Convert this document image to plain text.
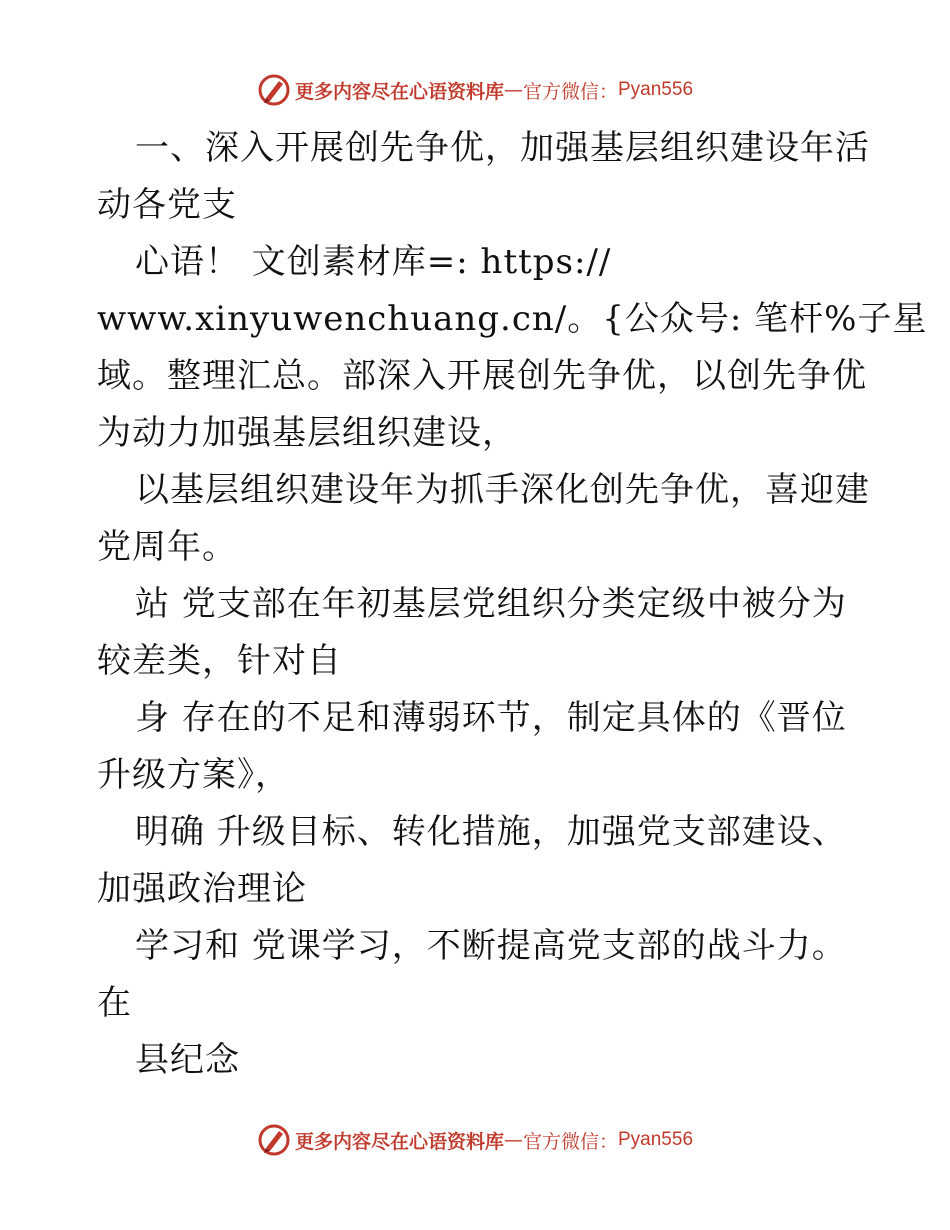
更多内容尽在心语资料库 — 官方微信： Pyan556
一、深入开展创先争优，加强基层组织建设年活
动各党支
心语！ 文创素材库=: https://
www.xinyuwenchuang.cn/。{公众号: 笔杆%子星
域。整理汇总。部深入开展创先争优，以创先争优
为动力加强基层组织建设，
以基层组织建设年为抓手深化创先争优，喜迎建
党周年。
站 党支部在年初基层党组织分类定级中被分为
较差类，针对自
身 存在的不足和薄弱环节，制定具体的《晋位
升级方案》，
明确 升级目标、转化措施，加强党支部建设、
加强政治理论
学习和 党课学习，不断提高党支部的战斗力。
在
县纪念
更多内容尽在心语资料库 — 官方微信： Pyan556
